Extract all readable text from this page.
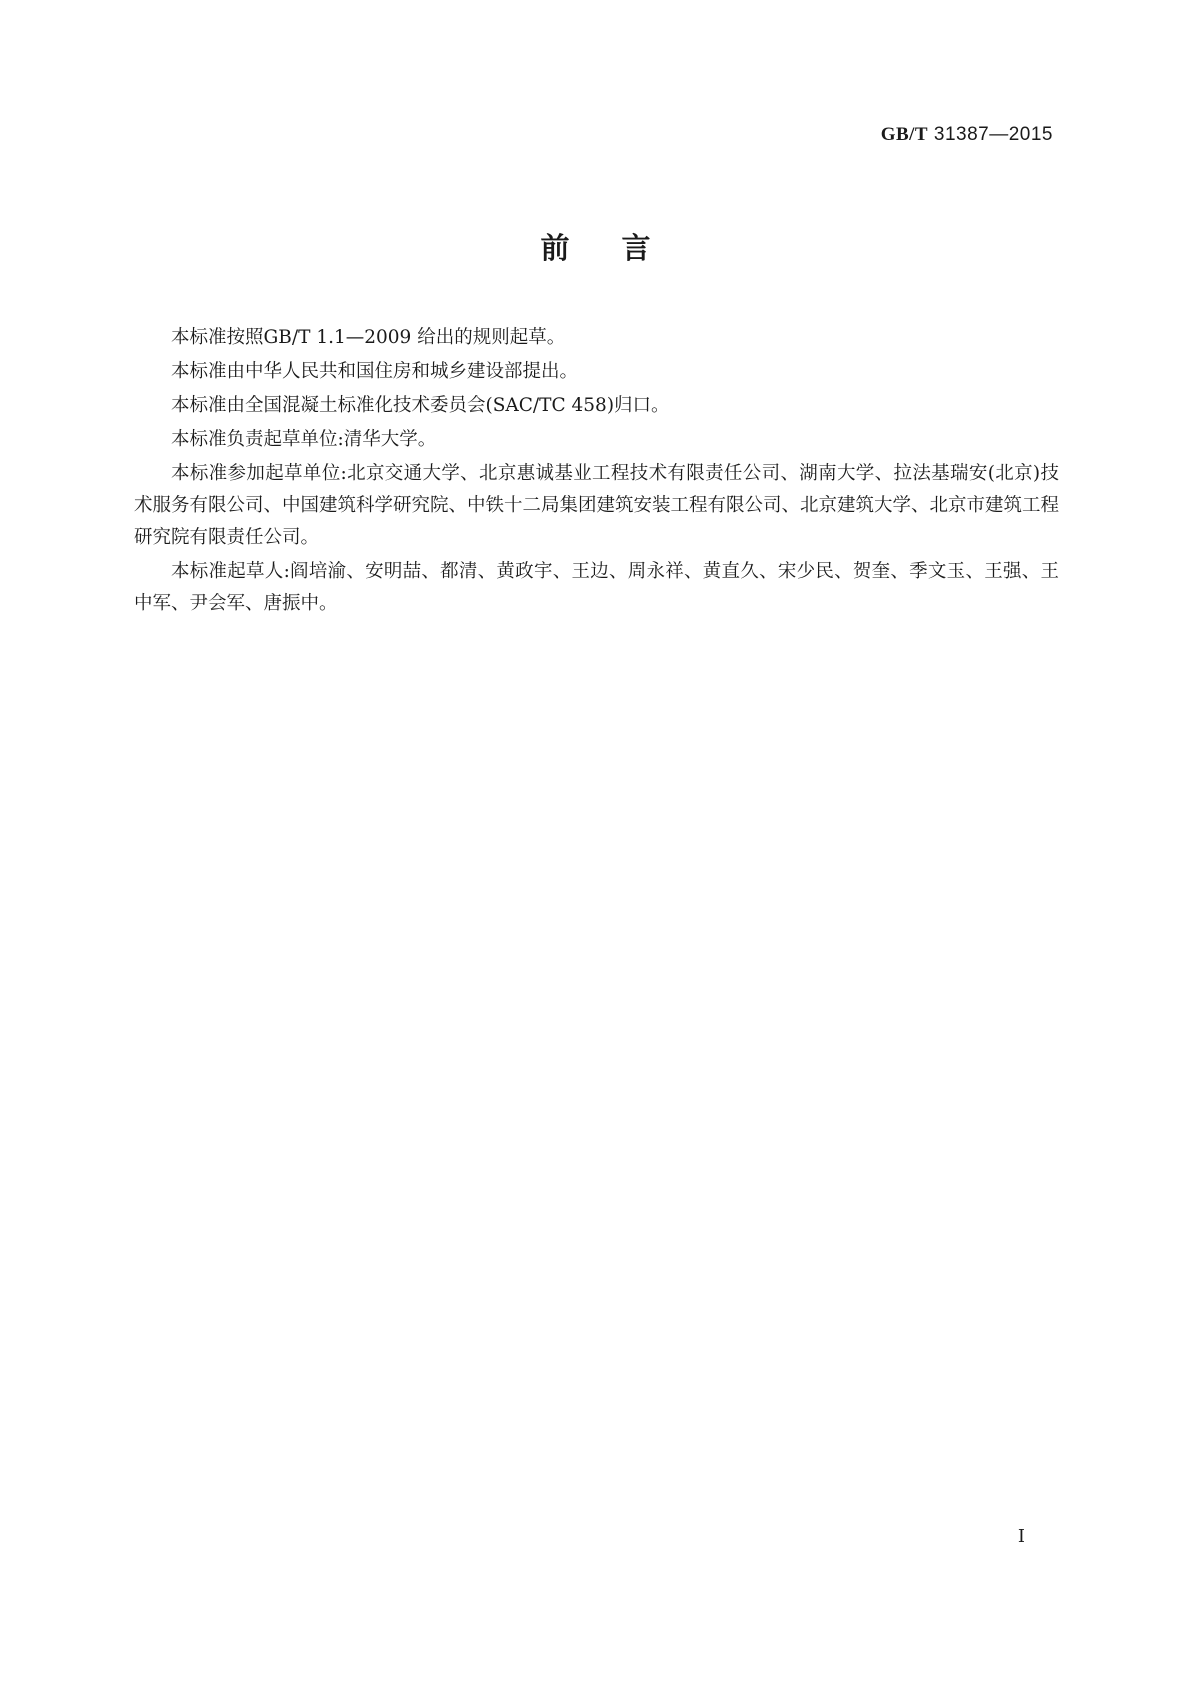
GB/T 31387—2015
前言

本标准按照GB/T 1.1—2009 给出的规则起草。

本标准由中华人民共和国住房和城乡建设部提出。

本标准由全国混凝土标准化技术委员会(SAC/TC 458)归口。

本标准负责起草单位:清华大学。

本标准参加起草单位:北京交通大学、北京惠诚基业工程技术有限责任公司、湖南大学、拉法基瑞安(北京)技术服务有限公司、中国建筑科学研究院、中铁十二局集团建筑安装工程有限公司、北京建筑大学、北京市建筑工程研究院有限责任公司。

本标准起草人:阎培渝、安明喆、都清、黄政宇、王边、周永祥、黄直久、宋少民、贺奎、季文玉、王强、王中军、尹会军、唐振中。

I
